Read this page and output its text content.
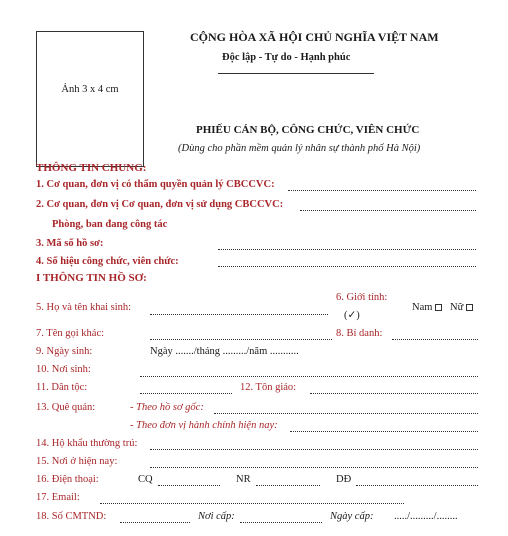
Ảnh 3 x 4 cm
CỘNG HÒA XÃ HỘI CHỦ NGHĨA VIỆT NAM
Độc lập - Tự do - Hạnh phúc
PHIẾU CÁN BỘ, CÔNG CHỨC, VIÊN CHỨC
(Dùng cho phần mềm quản lý nhân sự thành phố Hà Nội)
THÔNG TIN CHUNG:
1. Cơ quan, đơn vị có thẩm quyền quản lý CBCCVC:
2. Cơ quan, đơn vị Cơ quan, đơn vị sử dụng CBCCVC:
Phòng, ban đang công tác
3. Mã số hồ sơ:
4. Số hiệu công chức, viên chức:
I THÔNG TIN HỒ SƠ:
5. Họ và tên khai sinh:
6. Giới tính:
(✓)
Nam Nữ
7. Tên gọi khác:	8. Bí danh:
9. Ngày sinh:	Ngày ......./tháng ........./năm ...........
10. Nơi sinh:
11. Dân tộc:	12. Tôn giáo:
13. Quê quán:	- Theo hồ sơ gốc:
- Theo đơn vị hành chính hiện nay:
14. Hộ khẩu thường trú:
15. Nơi ở hiện nay:
16. Điện thoại:	CQ	NR	DĐ
17. Email:
18. Số CMTND:	Nơi cấp:	Ngày cấp: ...../........./........
